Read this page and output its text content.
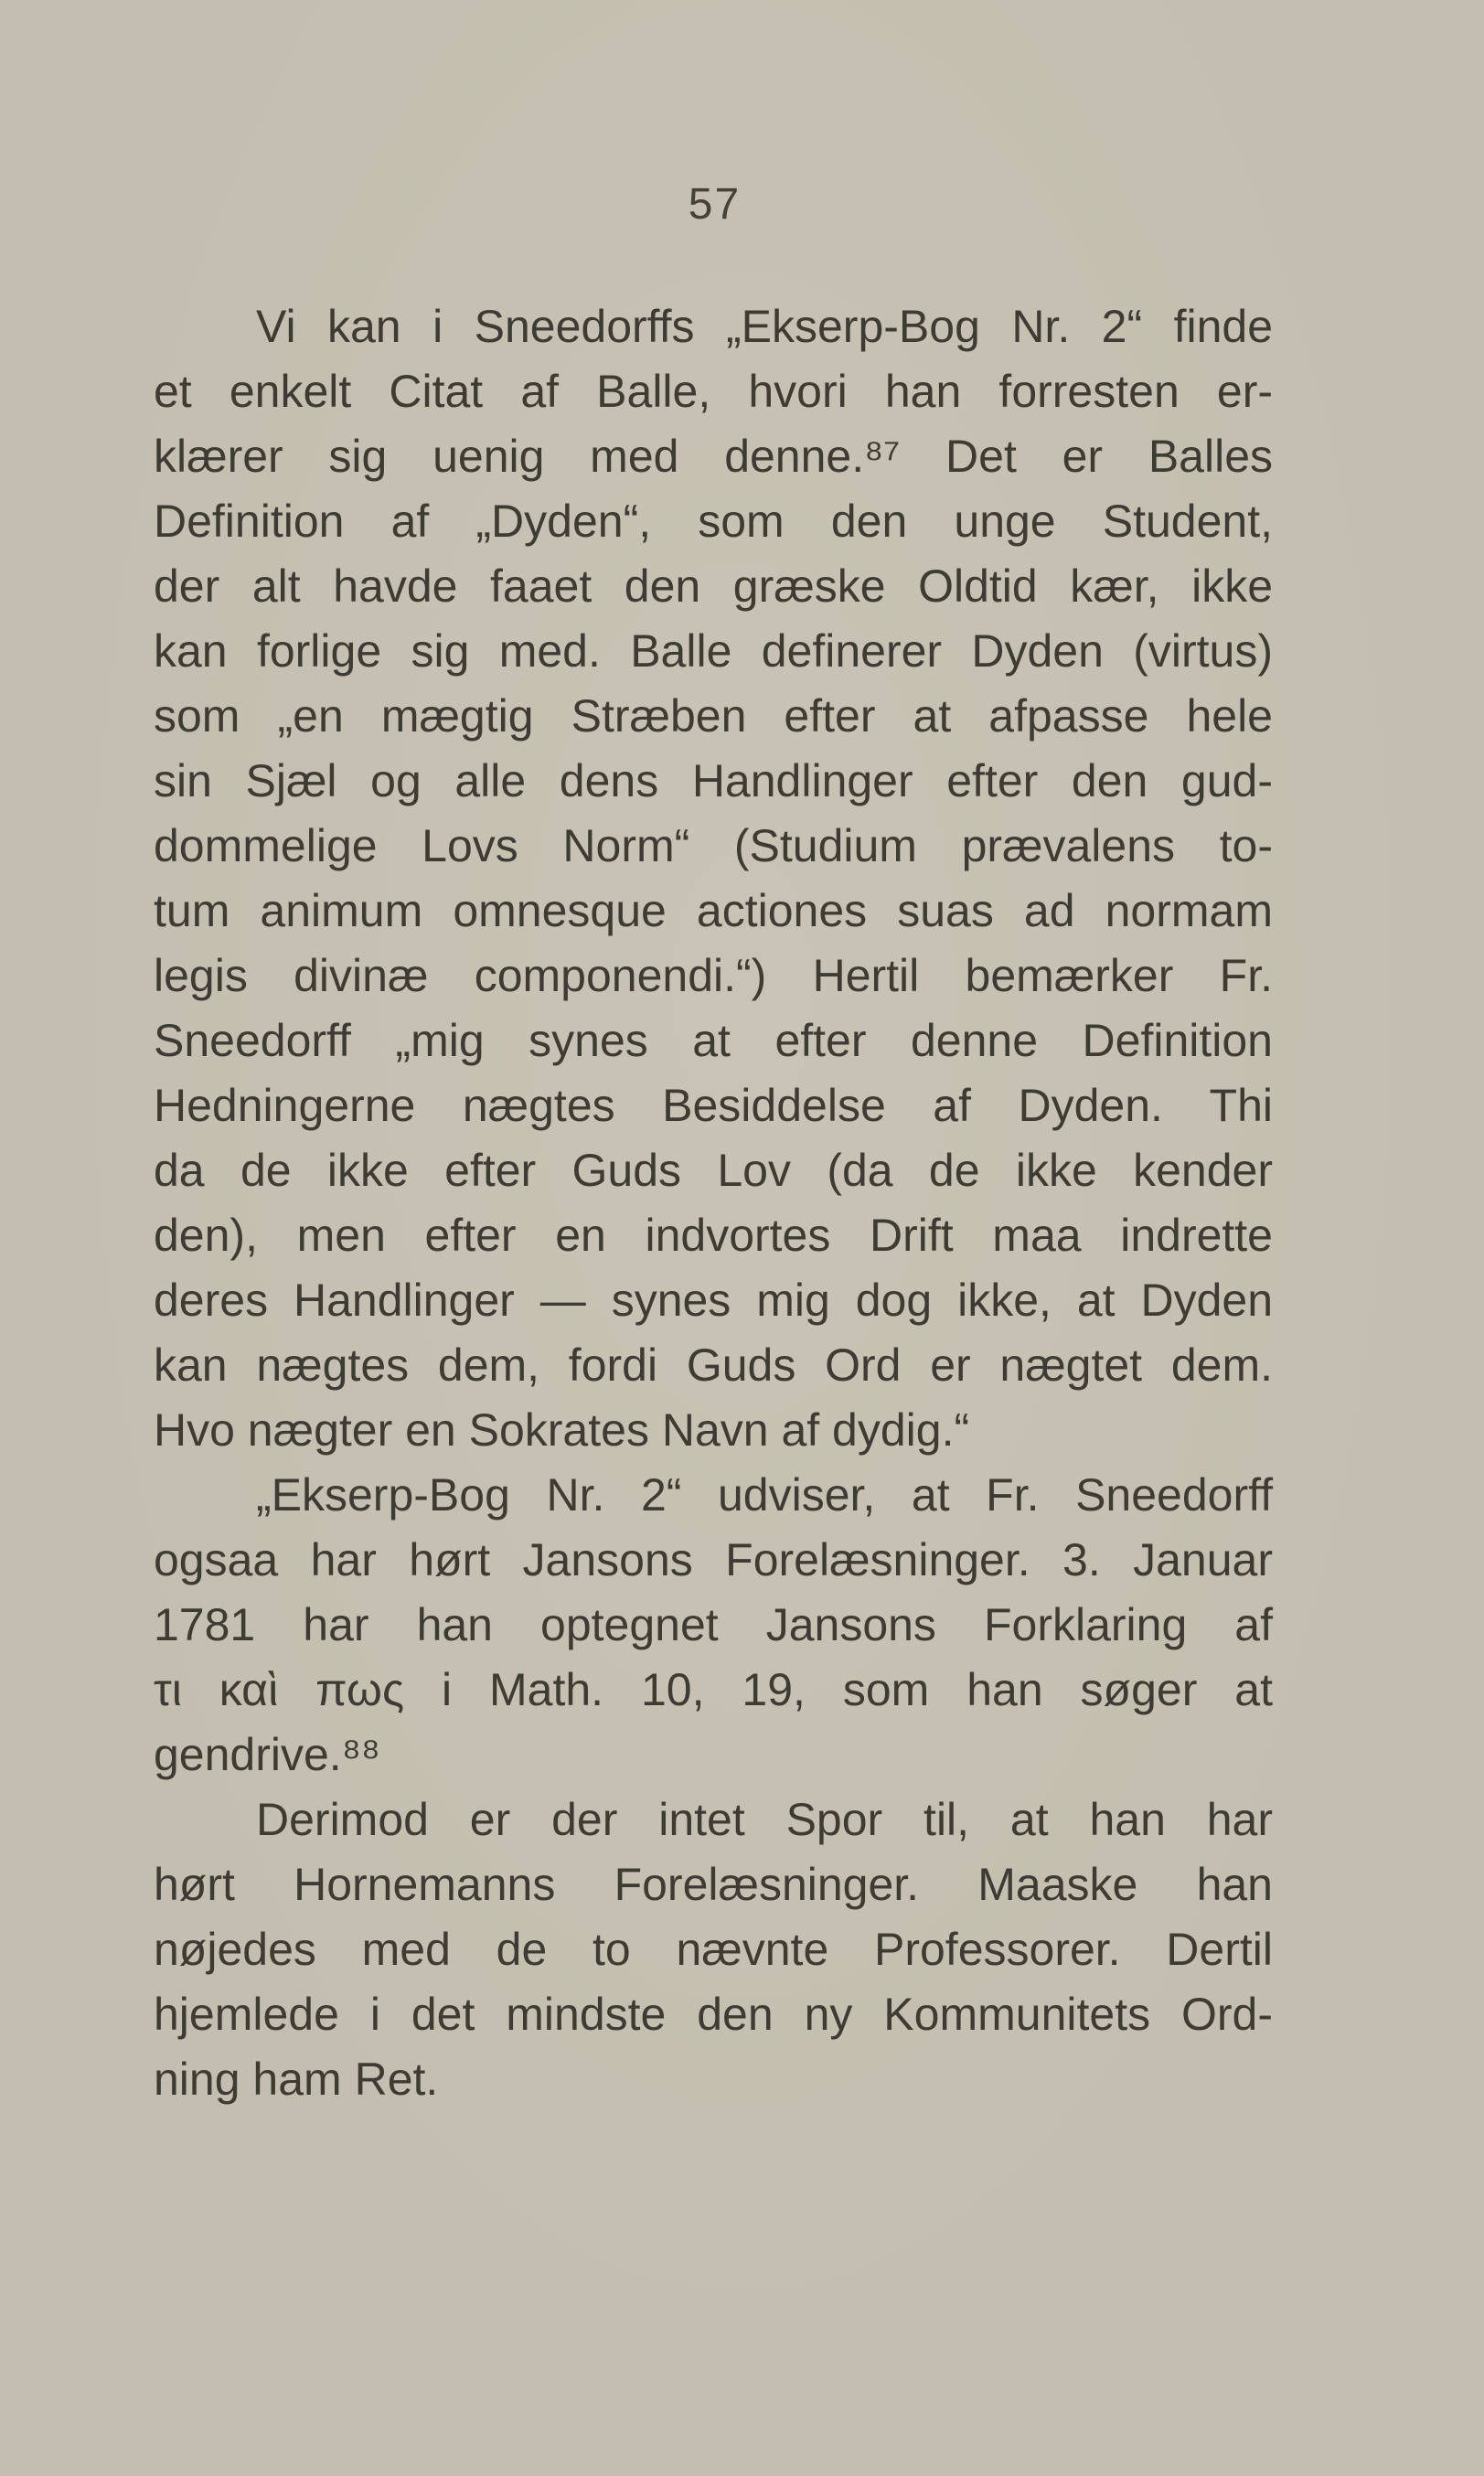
57
Vi kan i Sneedorffs „Ekserp-Bog Nr. 2“ finde
et enkelt Citat af Balle, hvori han forresten er-
klærer sig uenig med denne.⁸⁷ Det er Balles
Definition af „Dyden“, som den unge Student,
der alt havde faaet den græske Oldtid kær, ikke
kan forlige sig med. Balle definerer Dyden (virtus)
som „en mægtig Stræben efter at afpasse hele
sin Sjæl og alle dens Handlinger efter den gud-
dommelige Lovs Norm“ (Studium prævalens to-
tum animum omnesque actiones suas ad normam
legis divinæ componendi.“) Hertil bemærker Fr.
Sneedorff „mig synes at efter denne Definition
Hedningerne nægtes Besiddelse af Dyden. Thi
da de ikke efter Guds Lov (da de ikke kender
den), men efter en indvortes Drift maa indrette
deres Handlinger — synes mig dog ikke, at Dyden
kan nægtes dem, fordi Guds Ord er nægtet dem.
Hvo nægter en Sokrates Navn af dydig.“
„Ekserp-Bog Nr. 2“ udviser, at Fr. Sneedorff
ogsaa har hørt Jansons Forelæsninger. 3. Januar
1781 har han optegnet Jansons Forklaring af
τι καὶ πως i Math. 10, 19, som han søger at
gendrive.⁸⁸
Derimod er der intet Spor til, at han har
hørt Hornemanns Forelæsninger. Maaske han
nøjedes med de to nævnte Professorer. Dertil
hjemlede i det mindste den ny Kommunitets Ord-
ning ham Ret.
